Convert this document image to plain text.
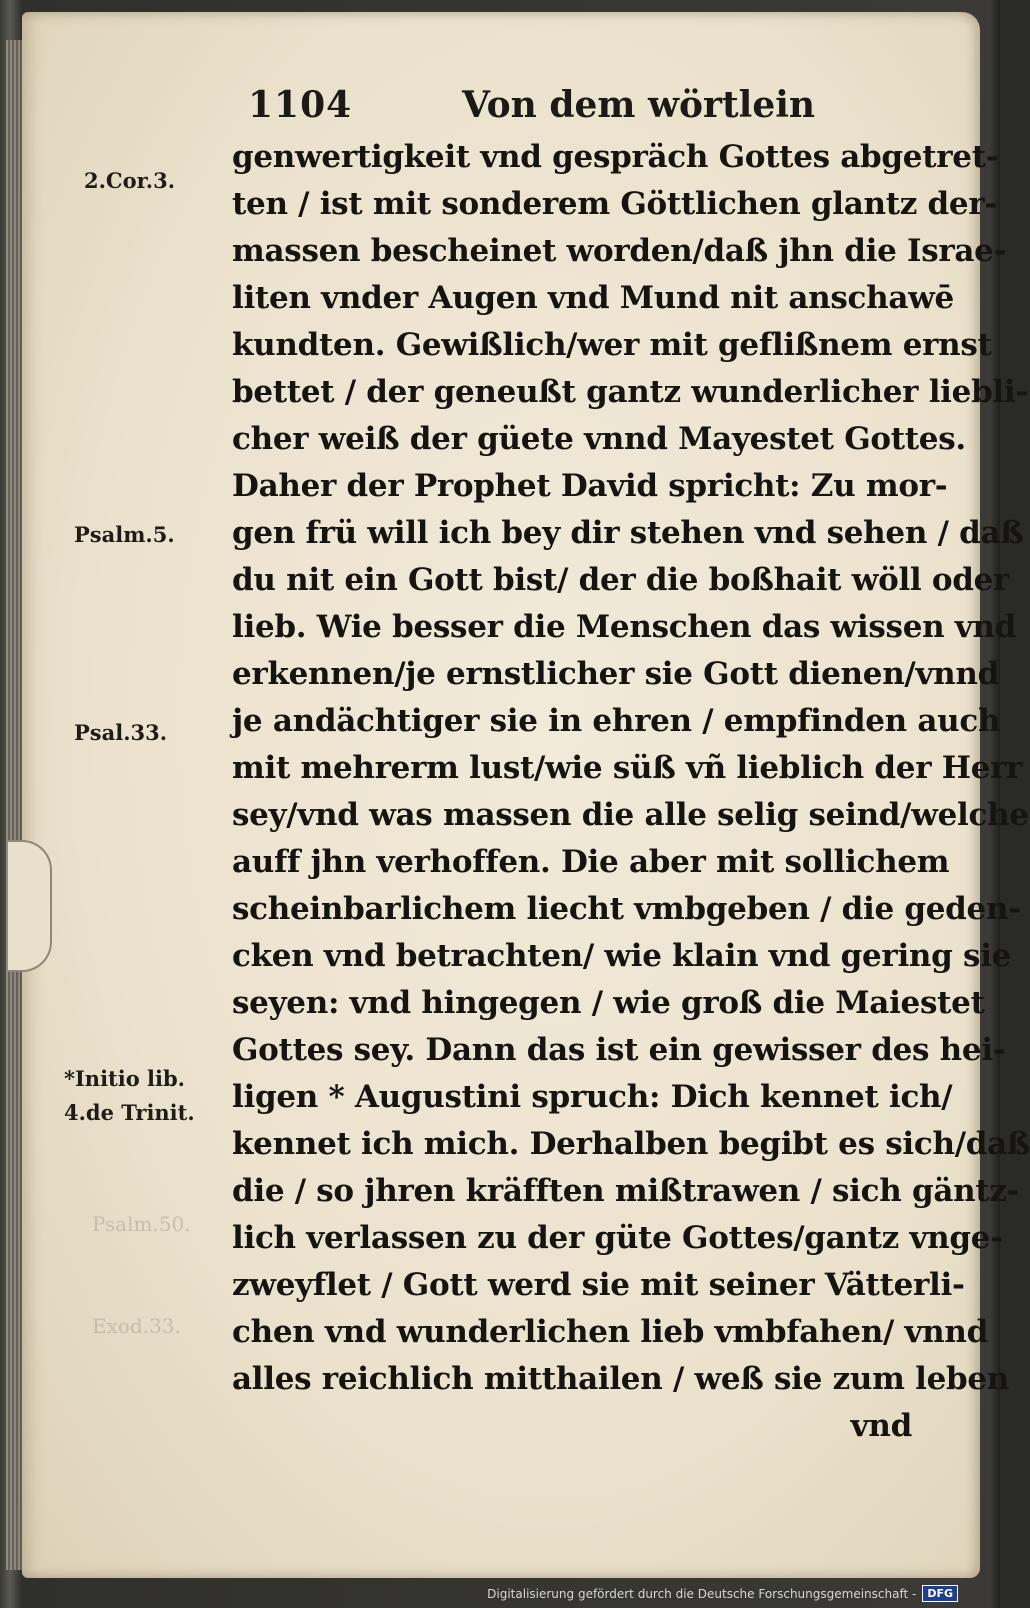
Psalm.50.
Exod.33.
1104	Von dem wörtlein
2.Cor.3.
Psalm.5.
Psal.33.
*Initio lib.
4.de Trinit.
genwertigkeit vnd gespräch Gottes abgetret-
ten / ist mit sonderem Göttlichen glantz der-
massen bescheinet worden/daß jhn die Israe-
liten vnder Augen vnd Mund nit anschawē
kundten. Gewißlich/wer mit geflißnem ernst
bettet / der geneußt gantz wunderlicher liebli-
cher weiß der güete vnnd Mayestet Gottes.
Daher der Prophet David spricht: Zu mor-
gen frü will ich bey dir stehen vnd sehen / daß
du nit ein Gott bist/ der die boßhait wöll oder
lieb. Wie besser die Menschen das wissen vnd
erkennen/je ernstlicher sie Gott dienen/vnnd
je andächtiger sie in ehren / empfinden auch
mit mehrerm lust/wie süß vñ lieblich der Herr
sey/vnd was massen die alle selig seind/welche
auff jhn verhoffen. Die aber mit sollichem
scheinbarlichem liecht vmbgeben / die geden-
cken vnd betrachten/ wie klain vnd gering sie
seyen: vnd hingegen / wie groß die Maiestet
Gottes sey. Dann das ist ein gewisser des hei-
ligen * Augustini spruch: Dich kennet ich/
kennet ich mich. Derhalben begibt es sich/daß
die / so jhren kräfften mißtrawen / sich gäntz-
lich verlassen zu der güte Gottes/gantz vnge-
zweyflet / Gott werd sie mit seiner Vätterli-
chen vnd wunderlichen lieb vmbfahen/ vnnd
alles reichlich mitthailen / weß sie zum leben
vnd
Digitalisierung gefördert durch die Deutsche Forschungsgemeinschaft -	DFG
